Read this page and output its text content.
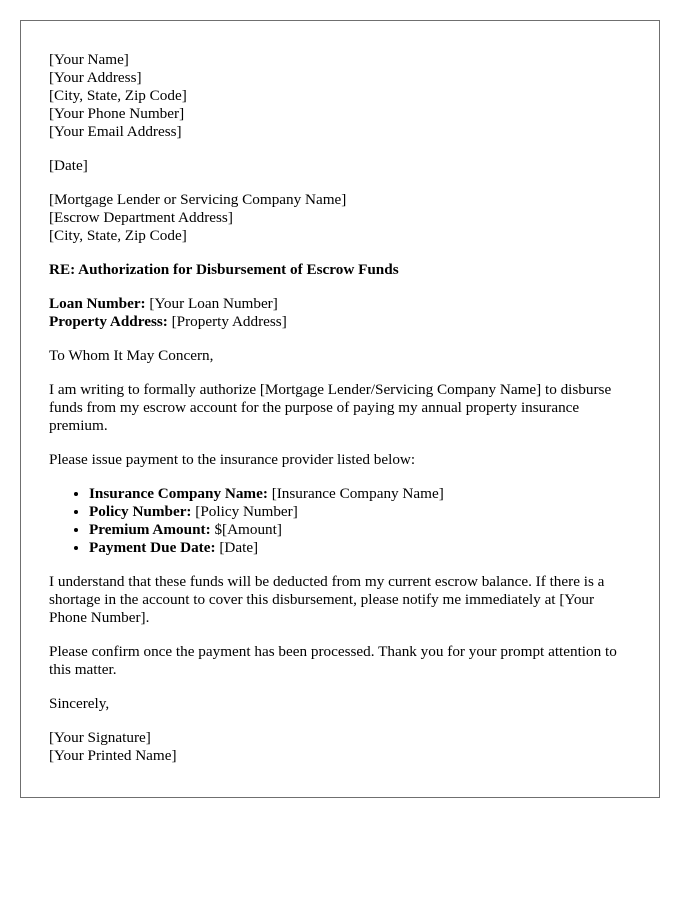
[Your Name]
[Your Address]
[City, State, Zip Code]
[Your Phone Number]
[Your Email Address]
[Date]
[Mortgage Lender or Servicing Company Name]
[Escrow Department Address]
[City, State, Zip Code]
RE: Authorization for Disbursement of Escrow Funds
Loan Number: [Your Loan Number]
Property Address: [Property Address]

To Whom It May Concern,

I am writing to formally authorize [Mortgage Lender/Servicing Company Name] to disburse funds from my escrow account for the purpose of paying my annual property insurance premium.

Please issue payment to the insurance provider listed below:

• Insurance Company Name: [Insurance Company Name]
• Policy Number: [Policy Number]
• Premium Amount: $[Amount]
• Payment Due Date: [Date]

I understand that these funds will be deducted from my current escrow balance. If there is a shortage in the account to cover this disbursement, please notify me immediately at [Your Phone Number].

Please confirm once the payment has been processed. Thank you for your prompt attention to this matter.

Sincerely,

[Your Signature]
[Your Printed Name]
